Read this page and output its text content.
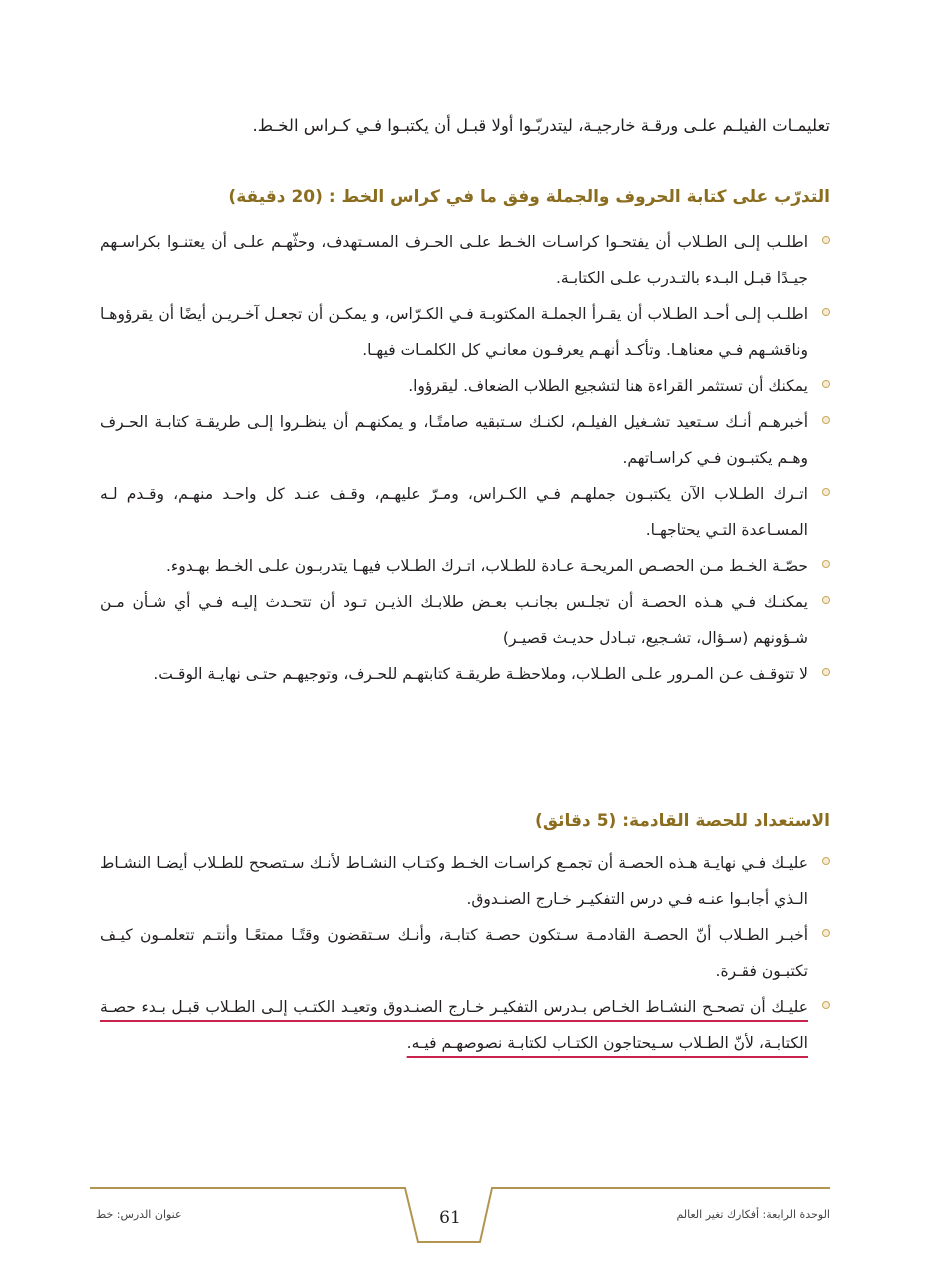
تعليمـات الفيلـم علـى ورقـة خارجيـة، ليتدربّـوا أولا قبـل أن يكتبـوا فـي كـراس الخـط.
التدرّب على كتابة الحروف والجملة وفق ما في كراس الخط : (20 دقيقة)
اطلـب إلـى الطـلاب أن يفتحـوا كراسـات الخـط علـى الحـرف المسـتهدف، وحثّهـم علـى أن يعتنـوا بكراسـهم جيـدًا قبـل البـدء بالتـدرب علـى الكتابـة.
اطلـب إلـى أحـد الطـلاب أن يقـرأ الجملـة المكتوبـة فـي الكـرّاس، و يمكـن أن تجعـل آخـريـن أيضًا أن يقرؤوهـا وناقشـهم فـي معناهـا. وتأكـد أنهـم يعرفـون معانـي كل الكلمـات فيهـا.
يمكنك أن تستثمر القراءة هنا لتشجيع الطلاب الضعاف. ليقرؤوا.
أخبرهـم أنـك سـتعيد تشـغيل الفيلـم، لكنـك سـتبقيه صامتًـا، و يمكنهـم أن ينظـروا إلـى طريقـة كتابـة الحـرف وهـم يكتبـون فـي كراسـاتهم.
اتـرك الطـلاب الآن يكتبـون جملهـم فـي الكـراس، ومـرّ عليهـم، وقـف عنـد كل واحـد منهـم، وقـدم لـه المسـاعدة التـي يحتاجهـا.
حصّـة الخـط مـن الحصـص المريحـة عـادة للطـلاب، اتـرك الطـلاب فيهـا يتدربـون علـى الخـط بهـدوء.
يمكنـك فـي هـذه الحصـة أن تجلـس بجانـب بعـض طلابـك الذيـن تـود أن تتحـدث إليـه فـي أي شـأن مـن شـؤونهم (سـؤال، تشـجيع، تبـادل حديـث قصيـر)
لا تتوقـف عـن المـرور علـى الطـلاب، وملاحظـة طريقـة كتابتهـم للحـرف، وتوجيهـم حتـى نهايـة الوقـت.
الاستعداد للحصة القادمة: (5 دقائق)
عليـك فـي نهايـة هـذه الحصـة أن تجمـع كراسـات الخـط وكتـاب النشـاط لأنـك سـتصحح للطـلاب أيضـا النشـاط الـذي أجابـوا عنـه فـي درس التفكيـر خـارج الصنـدوق.
أخبـر الطـلاب أنّ الحصـة القادمـة سـتكون حصـة كتابـة، وأنـك سـتقضون وقتًـا ممتعًـا وأنتـم تتعلمـون كيـف تكتبـون فقـرة.
عليـك أن تصحـح النشـاط الخـاص بـدرس التفكيـر خـارج الصنـدوق وتعيـد الكتـب إلـى الطـلاب قبـل بـدء حصـة الكتابـة، لأنّ الطـلاب سـيحتاجون الكتـاب لكتابـة نصوصهـم فيـه.
عنوان الدرس: خط	61	الوحدة الرابعة: أفكارك تغير العالم
